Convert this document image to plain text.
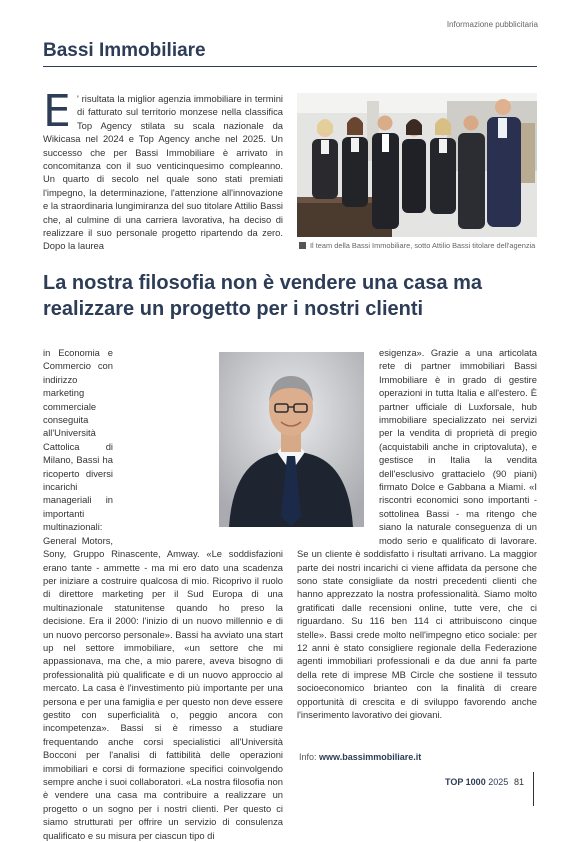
Informazione pubblicitaria
Bassi Immobiliare
E ' risultata la miglior agenzia immobiliare in termini di fatturato sul territorio monzese nella classifica Top Agency stilata su scala nazionale da Wikicasa nel 2024 e Top Agency anche nel 2025. Un successo che per Bassi Immobiliare è arrivato in concomitanza con il suo venticinquesimo compleanno. Un quarto di secolo nel quale sono stati premiati l'impegno, la determinazione, l'attenzione all'innovazione e la straordinaria lungimiranza del suo titolare Attilio Bassi che, al culmine di una carriera lavorativa, ha deciso di realizzare il suo personale progetto ripartendo da zero. Dopo la laurea	Il team della Bassi Immobiliare, sotto Attilio Bassi titolare dell'agenzia
La nostra filosofia non è vendere una casa ma realizzare un progetto per i nostri clienti

in Economia e Commercio con indirizzo marketing commerciale conseguita all'Università Cattolica di Milano, Bassi ha ricoperto diversi incarichi manageriali in importanti multinazionali: General Motors, Sony, Gruppo Rinascente, Amway. «Le soddisfazioni erano tante - ammette - ma mi ero dato una scadenza per iniziare a costruire qualcosa di mio. Ricoprivo il ruolo di direttore marketing per il Sud Europa di una multinazionale statunitense quando ho preso la decisione. Era il 2000: l'inizio di un nuovo millennio e di un nuovo percorso personale». Bassi ha avviato una start up nel settore immobiliare, «un settore che mi appassionava, ma che, a mio parere, aveva bisogno di professionalità più qualificate e di un nuovo approccio al mercato. La casa è l'investimento più importante per una persona e per una famiglia e per questo non deve essere gestito con superficialità o, peggio ancora con incompetenza». Bassi si è rimesso a studiare frequentando anche corsi specialistici all'Università Bocconi per l'analisi di fattibilità delle operazioni immobiliari e corsi di formazione specifici coinvolgendo sempre anche i suoi collaboratori. «La nostra filosofia non è vendere una casa ma contribuire a realizzare un progetto o un sogno per i nostri clienti. Per questo ci siamo strutturati per offrire un servizio di consulenza qualificato e su misura per ciascun tipo di

esigenza». Grazie a una articolata rete di partner immobiliari Bassi Immobiliare è in grado di gestire operazioni in tutta Italia e all'estero. È partner ufficiale di Luxforsale, hub immobiliare specializzato nei servizi per la vendita di proprietà di pregio (acquistabili anche in criptovaluta), e gestisce in Italia la vendita dell'esclusivo grattacielo (90 piani) firmato Dolce e Gabbana a Miami. «I riscontri economici sono importanti - sottolinea Bassi - ma ritengo che siano la naturale conseguenza di un modo serio e qualificato di lavorare. Se un cliente è soddisfatto i risultati arrivano. La maggior parte dei nostri incarichi ci viene affidata da persone che sono state consigliate da nostri precedenti clienti che hanno apprezzato la nostra professionalità. Siamo molto gratificati dalle recensioni online, tutte vere, che ci riguardano. Su 116 ben 114 ci attribuiscono cinque stelle». Bassi crede molto nell'impegno etico sociale: per 12 anni è stato consigliere regionale della Federazione agenti immobiliari professionali e da due anni fa parte della rete di imprese MB Circle che sostiene il tessuto socioeconomico brianteo con la finalità di creare opportunità di crescita e di sviluppo favorendo anche l'inserimento lavorativo dei giovani.

Info: www.bassimmobiliare.it
TOP 1000 2025 81
